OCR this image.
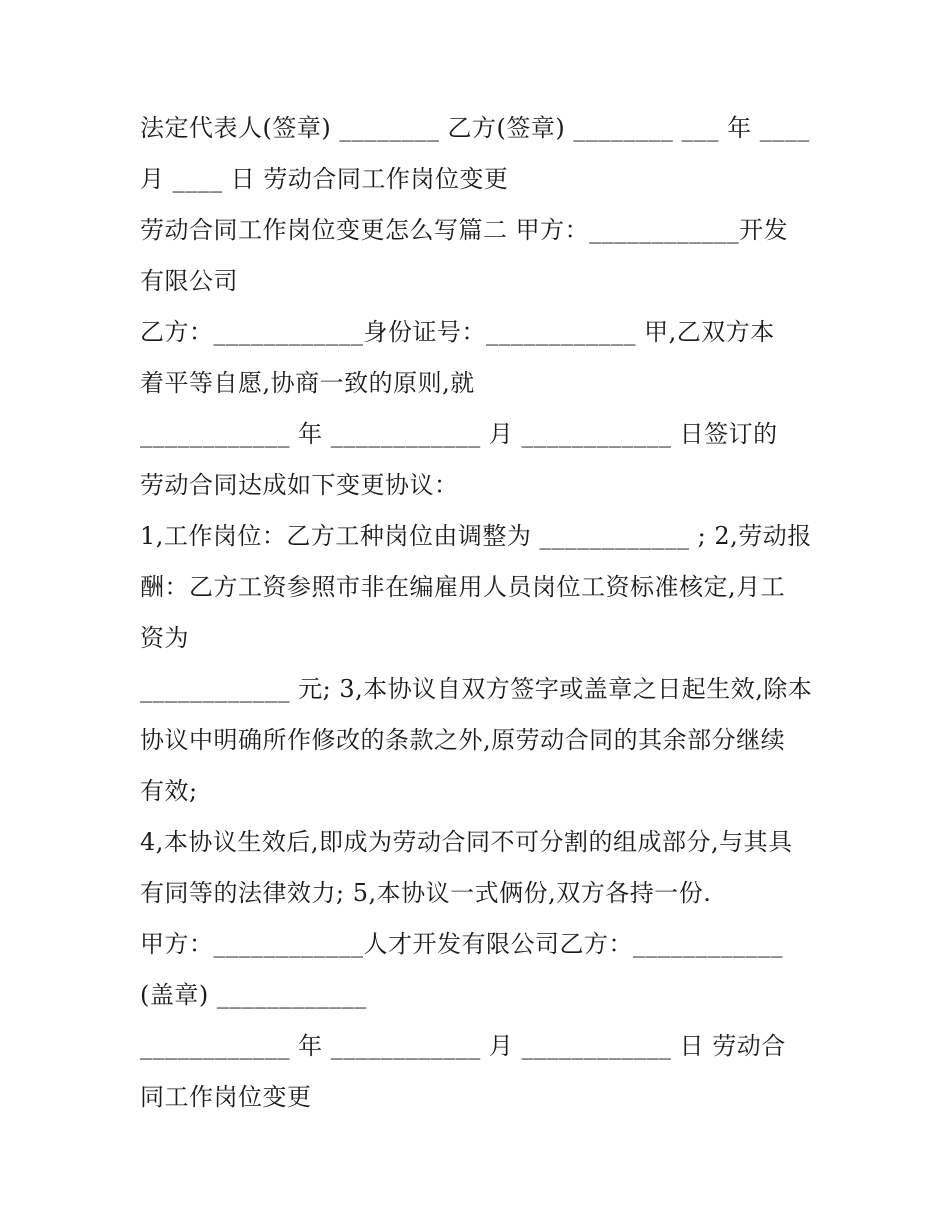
法定代表人(签章) ________ 乙方(签章) ________ ___ 年 ____
月 ____ 日 劳动合同工作岗位变更
劳动合同工作岗位变更怎么写篇二 甲方：____________开发
有限公司
乙方：____________身份证号：____________ 甲,乙双方本
着平等自愿,协商一致的原则,就
____________ 年 ____________ 月 ____________ 日签订的
劳动合同达成如下变更协议：
1,工作岗位：乙方工种岗位由调整为 ____________ ; 2,劳动报
酬：乙方工资参照市非在编雇用人员岗位工资标准核定,月工
资为
____________ 元; 3,本协议自双方签字或盖章之日起生效,除本
协议中明确所作修改的条款之外,原劳动合同的其余部分继续
有效;
4,本协议生效后,即成为劳动合同不可分割的组成部分,与其具
有同等的法律效力; 5,本协议一式俩份,双方各持一份.
甲方：____________人才开发有限公司乙方：____________
(盖章) ____________
____________ 年 ____________ 月 ____________ 日 劳动合
同工作岗位变更
